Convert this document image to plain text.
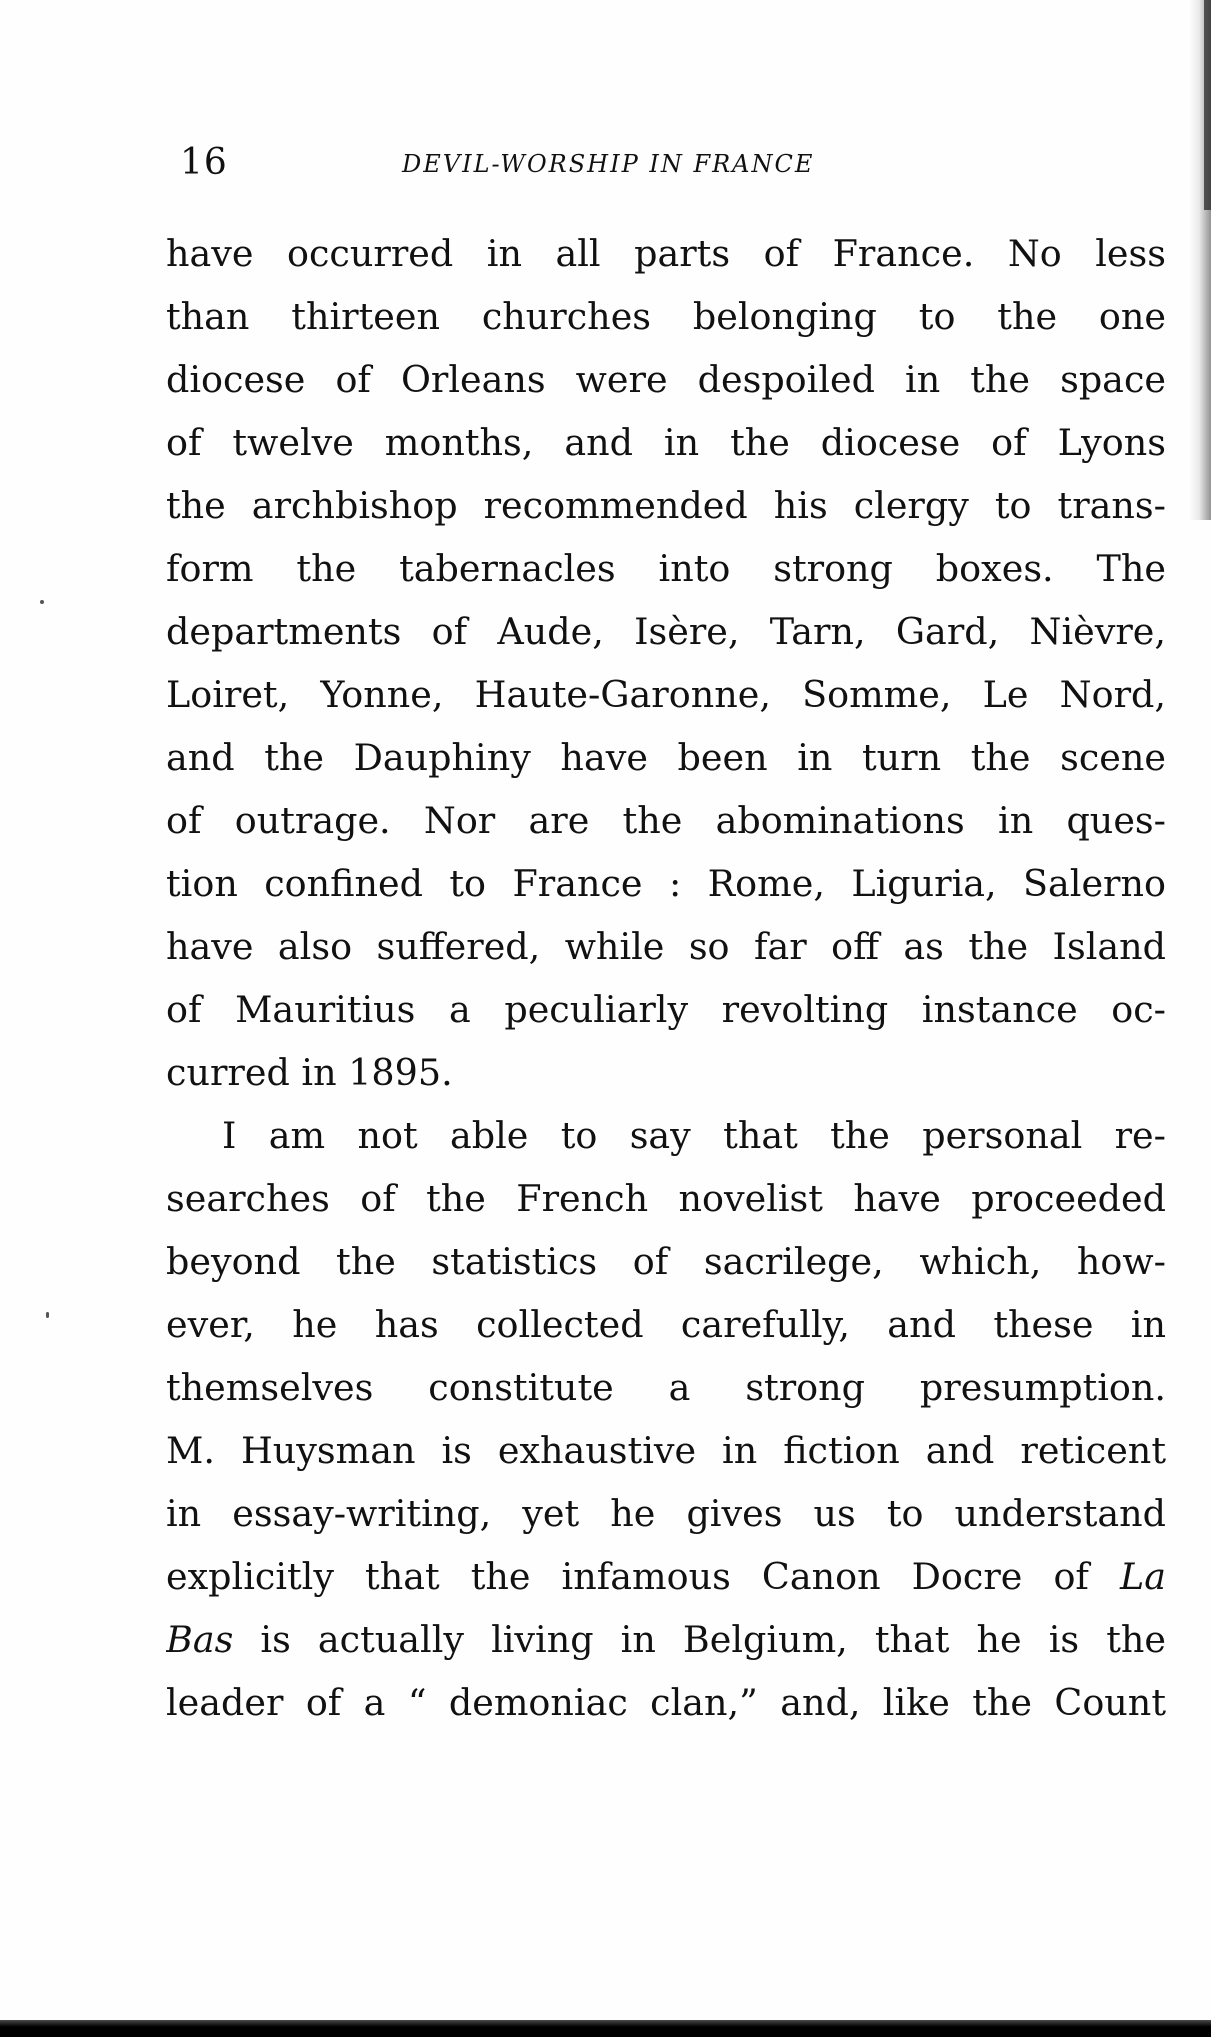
16	DEVIL-WORSHIP IN FRANCE
have occurred in all parts of France. No less
than thirteen churches belonging to the one
diocese of Orleans were despoiled in the space
of twelve months, and in the diocese of Lyons
the archbishop recommended his clergy to trans-
form the tabernacles into strong boxes. The
departments of Aude, Isère, Tarn, Gard, Nièvre,
Loiret, Yonne, Haute-Garonne, Somme, Le Nord,
and the Dauphiny have been in turn the scene
of outrage. Nor are the abominations in ques-
tion confined to France : Rome, Liguria, Salerno
have also suffered, while so far off as the Island
of Mauritius a peculiarly revolting instance oc-
curred in 1895.
I am not able to say that the personal re-
searches of the French novelist have proceeded
beyond the statistics of sacrilege, which, how-
ever, he has collected carefully, and these in
themselves constitute a strong presumption.
M. Huysman is exhaustive in fiction and reticent
in essay-writing, yet he gives us to understand
explicitly that the infamous Canon Docre of La
Bas is actually living in Belgium, that he is the
leader of a “ demoniac clan,” and, like the Count
